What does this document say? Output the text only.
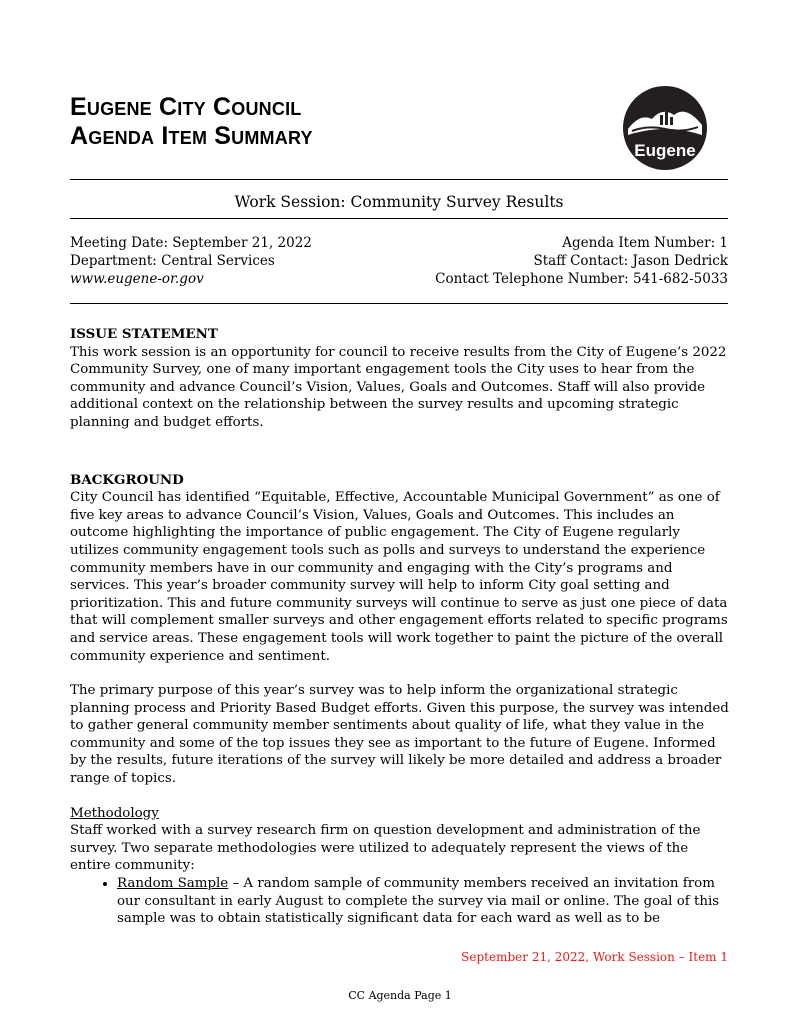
Eugene City Council
Agenda Item Summary
Eugene
Work Session: Community Survey Results
Meeting Date: September 21, 2022	Agenda Item Number: 1
Department: Central Services	Staff Contact: Jason Dedrick
www.eugene-or.gov	Contact Telephone Number: 541-682-5033

ISSUE STATEMENT

This work session is an opportunity for council to receive results from the City of Eugene’s 2022 Community Survey, one of many important engagement tools the City uses to hear from the community and advance Council’s Vision, Values, Goals and Outcomes. Staff will also provide additional context on the relationship between the survey results and upcoming strategic planning and budget efforts.

BACKGROUND

City Council has identified “Equitable, Effective, Accountable Municipal Government” as one of five key areas to advance Council’s Vision, Values, Goals and Outcomes. This includes an outcome highlighting the importance of public engagement. The City of Eugene regularly utilizes community engagement tools such as polls and surveys to understand the experience community members have in our community and engaging with the City’s programs and services. This year’s broader community survey will help to inform City goal setting and prioritization. This and future community surveys will continue to serve as just one piece of data that will complement smaller surveys and other engagement efforts related to specific programs and service areas. These engagement tools will work together to paint the picture of the overall community experience and sentiment.

The primary purpose of this year’s survey was to help inform the organizational strategic planning process and Priority Based Budget efforts. Given this purpose, the survey was intended to gather general community member sentiments about quality of life, what they value in the community and some of the top issues they see as important to the future of Eugene. Informed by the results, future iterations of the survey will likely be more detailed and address a broader range of topics.

Methodology

Staff worked with a survey research firm on question development and administration of the survey. Two separate methodologies were utilized to adequately represent the views of the entire community:

• Random Sample – A random sample of community members received an invitation from our consultant in early August to complete the survey via mail or online. The goal of this sample was to obtain statistically significant data for each ward as well as to be
September 21, 2022, Work Session – Item 1
CC Agenda Page 1
